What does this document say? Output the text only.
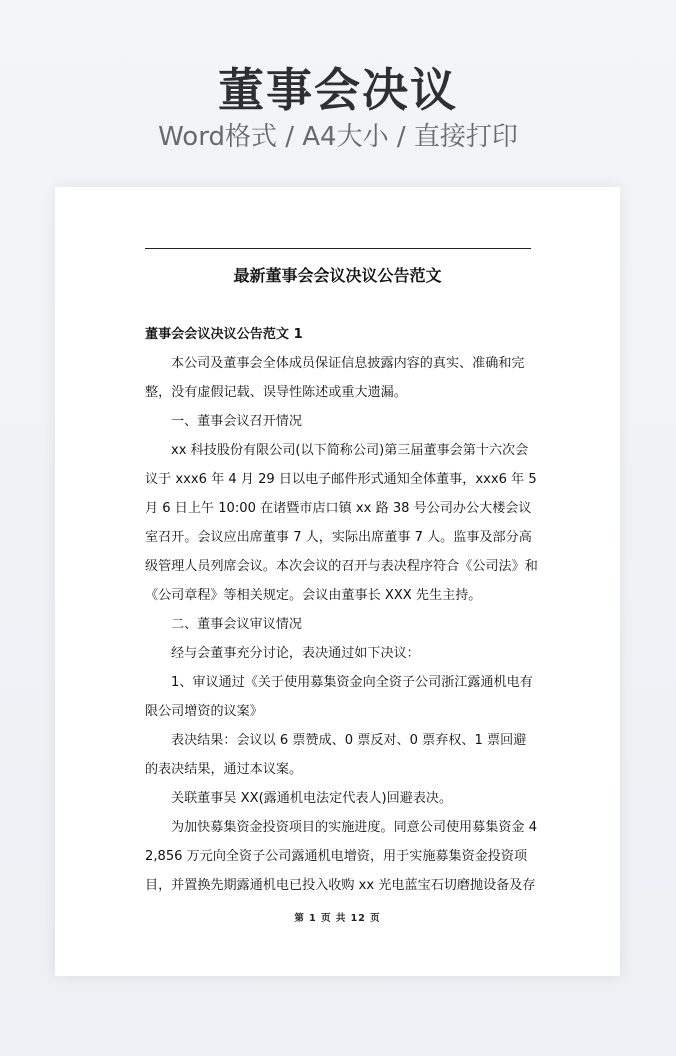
董事会决议
Word格式 / A4大小 / 直接打印
最新董事会会议决议公告范文

董事会会议决议公告范文 1

本公司及董事会全体成员保证信息披露内容的真实、准确和完整，没有虚假记载、误导性陈述或重大遗漏。

一、董事会议召开情况

xx 科技股份有限公司(以下简称公司)第三届董事会第十六次会议于 xxx6 年 4 月 29 日以电子邮件形式通知全体董事，xxx6 年 5 月 6 日上午 10:00 在诸暨市店口镇 xx 路 38 号公司办公大楼会议室召开。会议应出席董事 7 人，实际出席董事 7 人。监事及部分高级管理人员列席会议。本次会议的召开与表决程序符合《公司法》和《公司章程》等相关规定。会议由董事长 XXX 先生主持。

二、董事会议审议情况

经与会董事充分讨论，表决通过如下决议：

1、审议通过《关于使用募集资金向全资子公司浙江露通机电有限公司增资的议案》

表决结果：会议以 6 票赞成、0 票反对、0 票弃权、1 票回避的表决结果，通过本议案。

关联董事吴 XX(露通机电法定代表人)回避表决。

为加快募集资金投资项目的实施进度。同意公司使用募集资金 42,856 万元向全资子公司露通机电增资，用于实施募集资金投资项目，并置换先期露通机电已投入收购 xx 光电蓝宝石切磨抛设备及存

第 1 页 共 12 页
